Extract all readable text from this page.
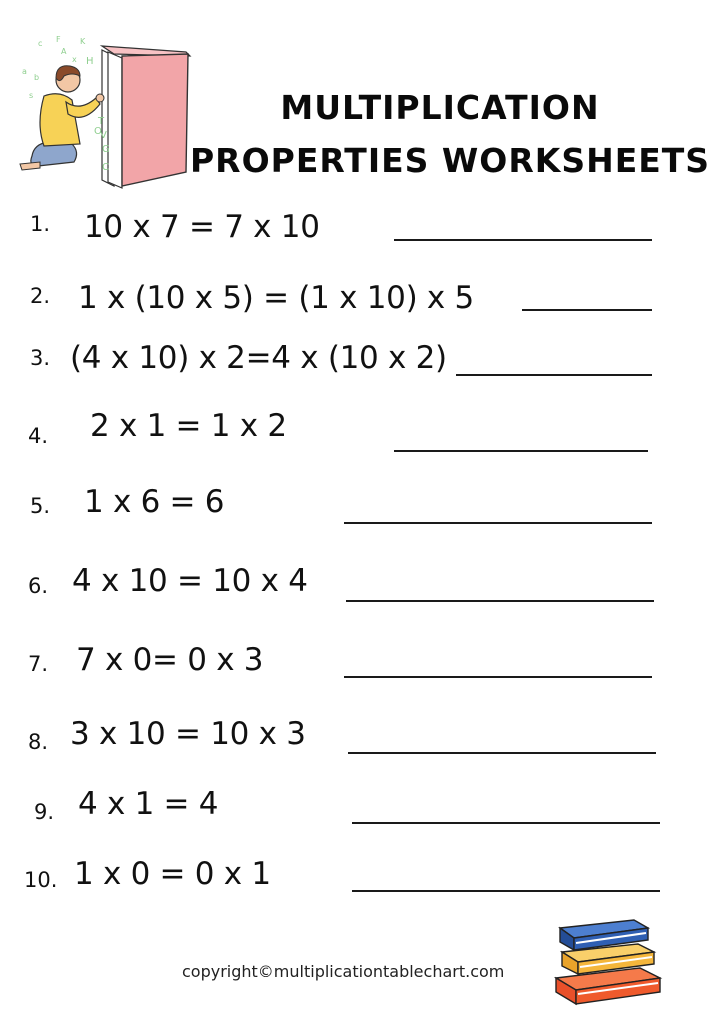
c F
A
K
a
b
s
x H
T
V
O
C
G
MULTIPLICATION
PROPERTIES WORKSHEETS
1. 10 x 7 = 7 x 10
2. 1 x (10 x 5) = (1 x 10) x 5
3. (4 x 10) x 2=4 x (10 x 2)
4. 2 x 1 = 1 x 2
5. 1 x 6 = 6
6. 4 x 10 = 10 x 4
7. 7 x 0= 0 x 3
8. 3 x 10 = 10 x 3
9. 4 x 1 = 4
10. 1 x 0 = 0 x 1
copyright©multiplicationtablechart.com
